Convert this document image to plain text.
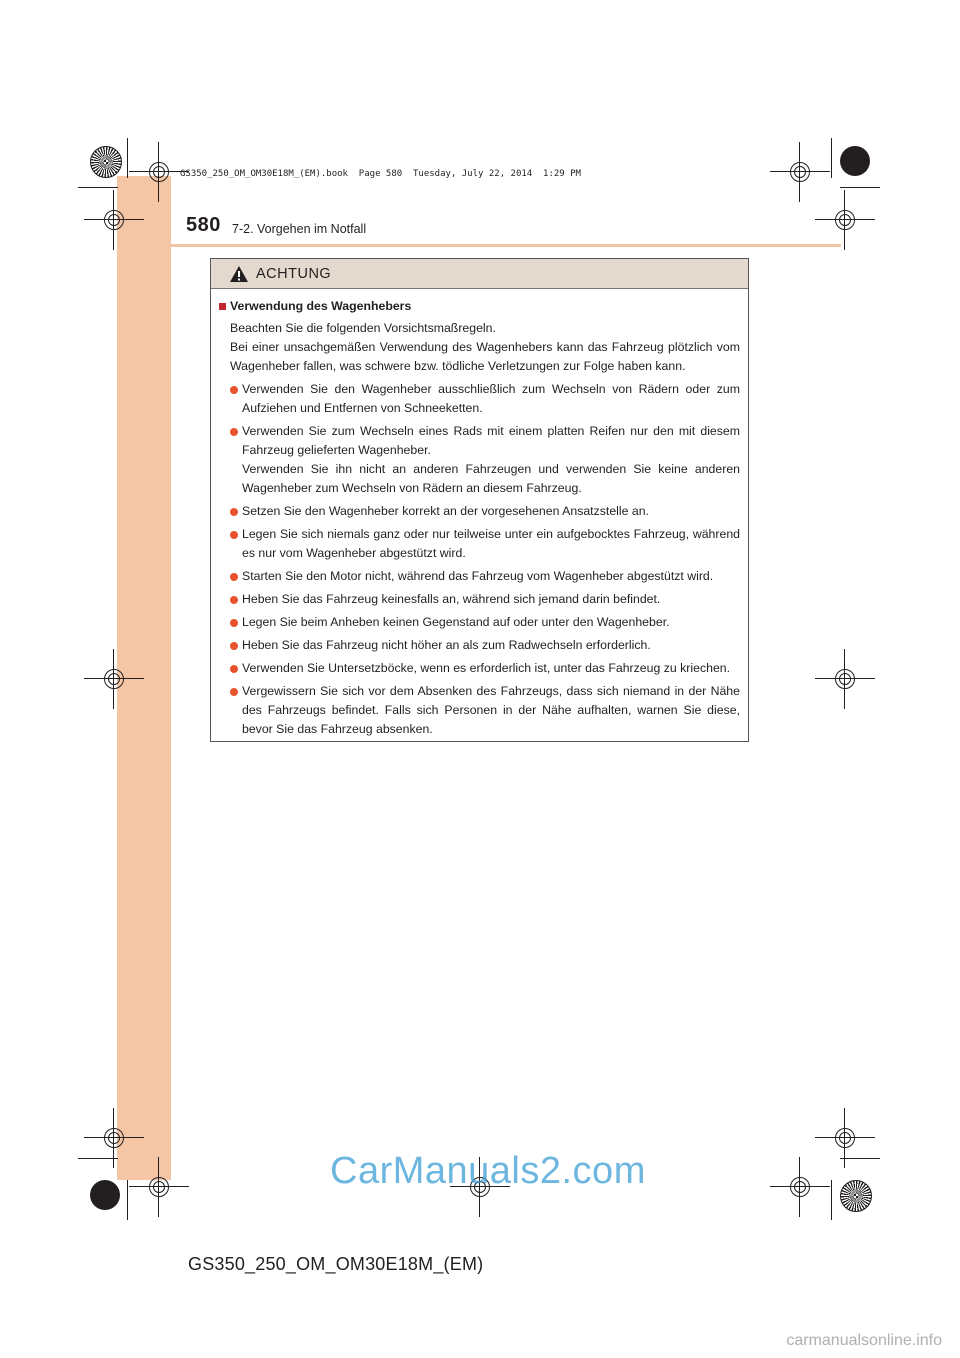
GS350_250_OM_OM30E18M_(EM).book  Page 580  Tuesday, July 22, 2014  1:29 PM
580 7-2. Vorgehen im Notfall
ACHTUNG
Verwendung des Wagenhebers
Beachten Sie die folgenden Vorsichtsmaßregeln.
Bei einer unsachgemäßen Verwendung des Wagenhebers kann das Fahrzeug plötzlich vom Wagenheber fallen, was schwere bzw. tödliche Verletzungen zur Folge haben kann.

Verwenden Sie den Wagenheber ausschließlich zum Wechseln von Rädern oder zum Aufziehen und Entfernen von Schneeketten.

Verwenden Sie zum Wechseln eines Rads mit einem platten Reifen nur den mit diesem Fahrzeug gelieferten Wagenheber.

Verwenden Sie ihn nicht an anderen Fahrzeugen und verwenden Sie keine anderen Wagenheber zum Wechseln von Rädern an diesem Fahrzeug.

Setzen Sie den Wagenheber korrekt an der vorgesehenen Ansatzstelle an.

Legen Sie sich niemals ganz oder nur teilweise unter ein aufgebocktes Fahrzeug, während es nur vom Wagenheber abgestützt wird.

Starten Sie den Motor nicht, während das Fahrzeug vom Wagenheber abgestützt wird.

Heben Sie das Fahrzeug keinesfalls an, während sich jemand darin befindet.

Legen Sie beim Anheben keinen Gegenstand auf oder unter den Wagenheber.

Heben Sie das Fahrzeug nicht höher an als zum Radwechseln erforderlich.

Verwenden Sie Untersetzböcke, wenn es erforderlich ist, unter das Fahrzeug zu kriechen.

Vergewissern Sie sich vor dem Absenken des Fahrzeugs, dass sich niemand in der Nähe des Fahrzeugs befindet. Falls sich Personen in der Nähe aufhalten, warnen Sie diese, bevor Sie das Fahrzeug absenken.

CarManuals2.com
GS350_250_OM_OM30E18M_(EM)
carmanualsonline.info
